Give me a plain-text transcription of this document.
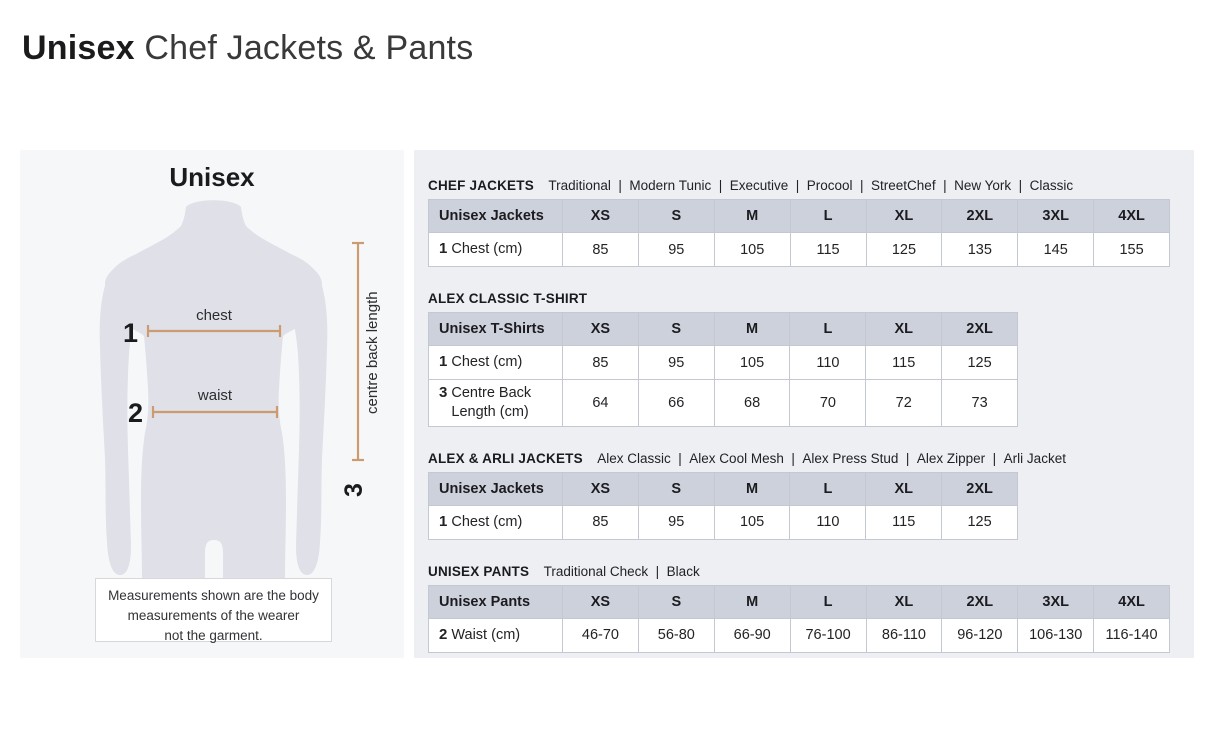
Unisex Chef Jackets & Pants
Unisex
1
chest
2
waist	centre back length
3
Measurements shown are the body
measurements of the wearer
not the garment.
CHEF JACKETS Traditional  |  Modern Tunic  |  Executive  |  Procool  |  StreetChef  |  New York  |  Classic
Unisex Jackets	XS	S	M	L	XL	2XL	3XL	4XL
1 Chest (cm)	85	95	105	115	125	135	145	155
ALEX CLASSIC T-SHIRT
Unisex T-Shirts	XS	S	M	L	XL	2XL
1 Chest (cm)	85	95	105	110	115	125
3 Centre Back Length (cm)	64	66	68	70	72	73
ALEX & ARLI JACKETS Alex Classic  |  Alex Cool Mesh  |  Alex Press Stud  |  Alex Zipper  |  Arli Jacket
Unisex Jackets	XS	S	M	L	XL	2XL
1 Chest (cm)	85	95	105	110	115	125
UNISEX PANTS Traditional Check  |  Black
Unisex Pants	XS	S	M	L	XL	2XL	3XL	4XL
2 Waist (cm)	46-70	56-80	66-90	76-100	86-110	96-120	106-130	116-140
